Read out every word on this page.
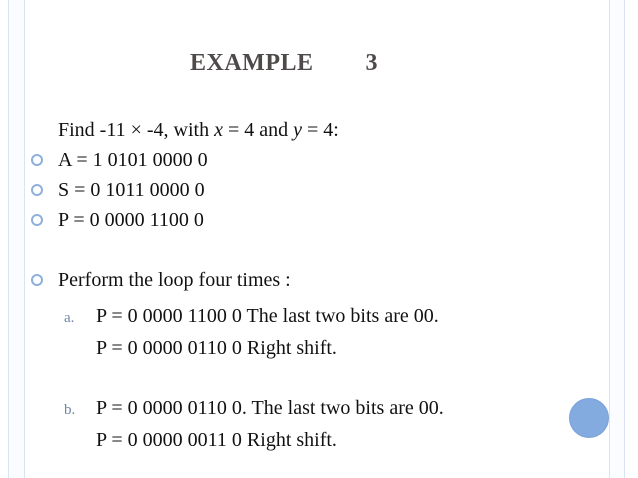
EXAMPLE        3
Find -11 × -4, with x = 4 and y = 4:
A = 1 0101 0000 0
S = 0 1011 0000 0
P = 0 0000 1100 0
Perform the loop four times :
a. P = 0 0000 1100 0 The last two bits are 00.
P = 0 0000 0110 0 Right shift.
b. P = 0 0000 0110 0. The last two bits are 00.
P = 0 0000 0011 0 Right shift.
